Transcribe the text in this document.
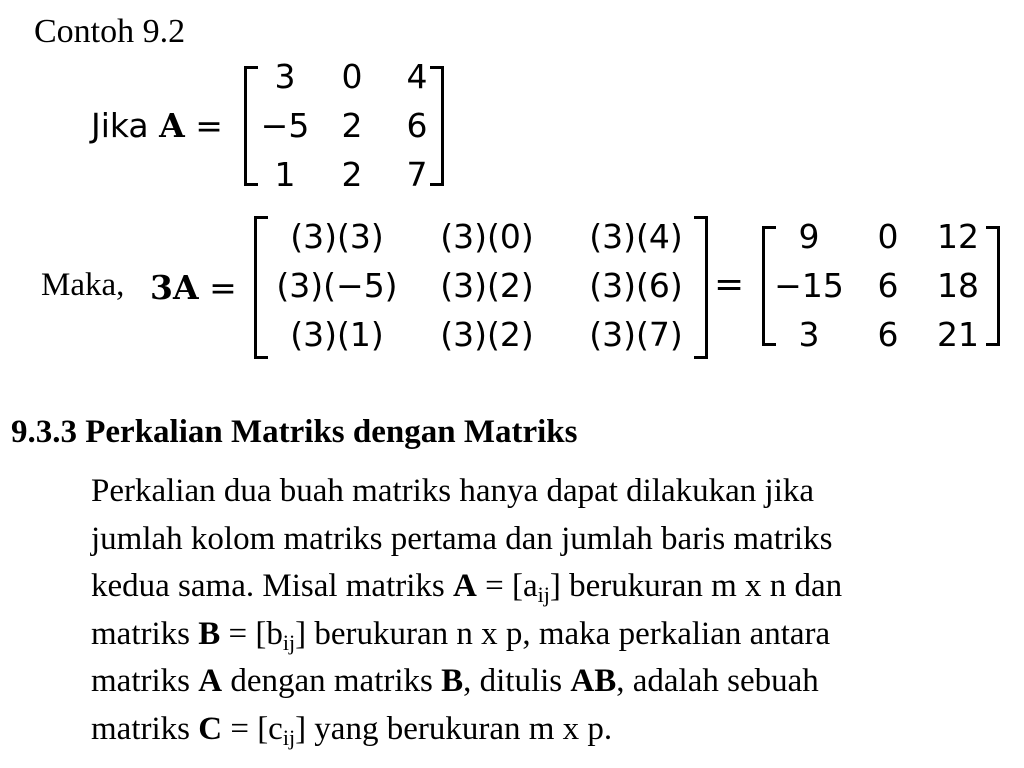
Contoh 9.2
Jika
A
=
3	0	4
−5 2	6
1	2	7
Maka, 3A
=
(3)(3)	(3)(0)	(3)(4)
(3)(−5)	(3)(2)	(3)(6)
(3)(1)	(3)(2)	(3)(7)
=
9	0	12
−15	6	18
3	6	21
9.3.3 Perkalian Matriks dengan Matriks
Perkalian dua buah matriks hanya dapat dilakukan jika
jumlah kolom matriks pertama dan jumlah baris matriks
kedua sama. Misal matriks $A = [a_{ij}]$ berukuran m x n dan
matriks $B = [b_{ij}]$ berukuran n x p, maka perkalian antara
matriks A dengan matriks B, ditulis AB, adalah sebuah
matriks $C = [c_{ij}]$ yang berukuran m x p.
